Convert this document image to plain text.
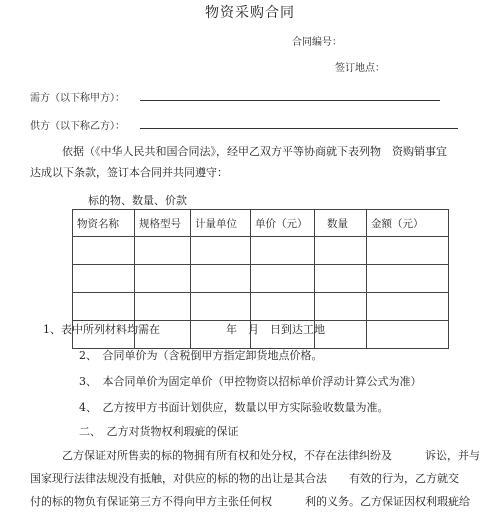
物资采购合同
合同编号：
签订地点：
需方（以下称甲方）：
供方（以下称乙方）：
依据（《中华人民共和国合同法》，经甲乙双方平等协商就下表列物　资购销事宜
达成以下条款，签订本合同并共同遵守：
标的物、数量、价款
物资名称	规格型号	计量单位	单价（元）	数量	金额（元）

1、表中所列材料均需在　　　　　　年　月　日到达工地
2、　合同单价为（含税倒甲方指定卸货地点价格。
3、　本合同单价为固定单价（甲控物资以招标单价浮动计算公式为准）
4、　乙方按甲方书面计划供应，数量以甲方实际验收数量为准。
二、　乙方对货物权利瑕疵的保证
乙方保证对所售卖的标的物拥有所有权和处分权，不存在法律纠纷及　　　诉讼，并与
国家现行法律法规没有抵触，对供应的标的物的出让是其合法　　有效的行为，乙方就交
付的标的物负有保证第三方不得向甲方主张任何权　　　利的义务。乙方保证因权利瑕疵给
